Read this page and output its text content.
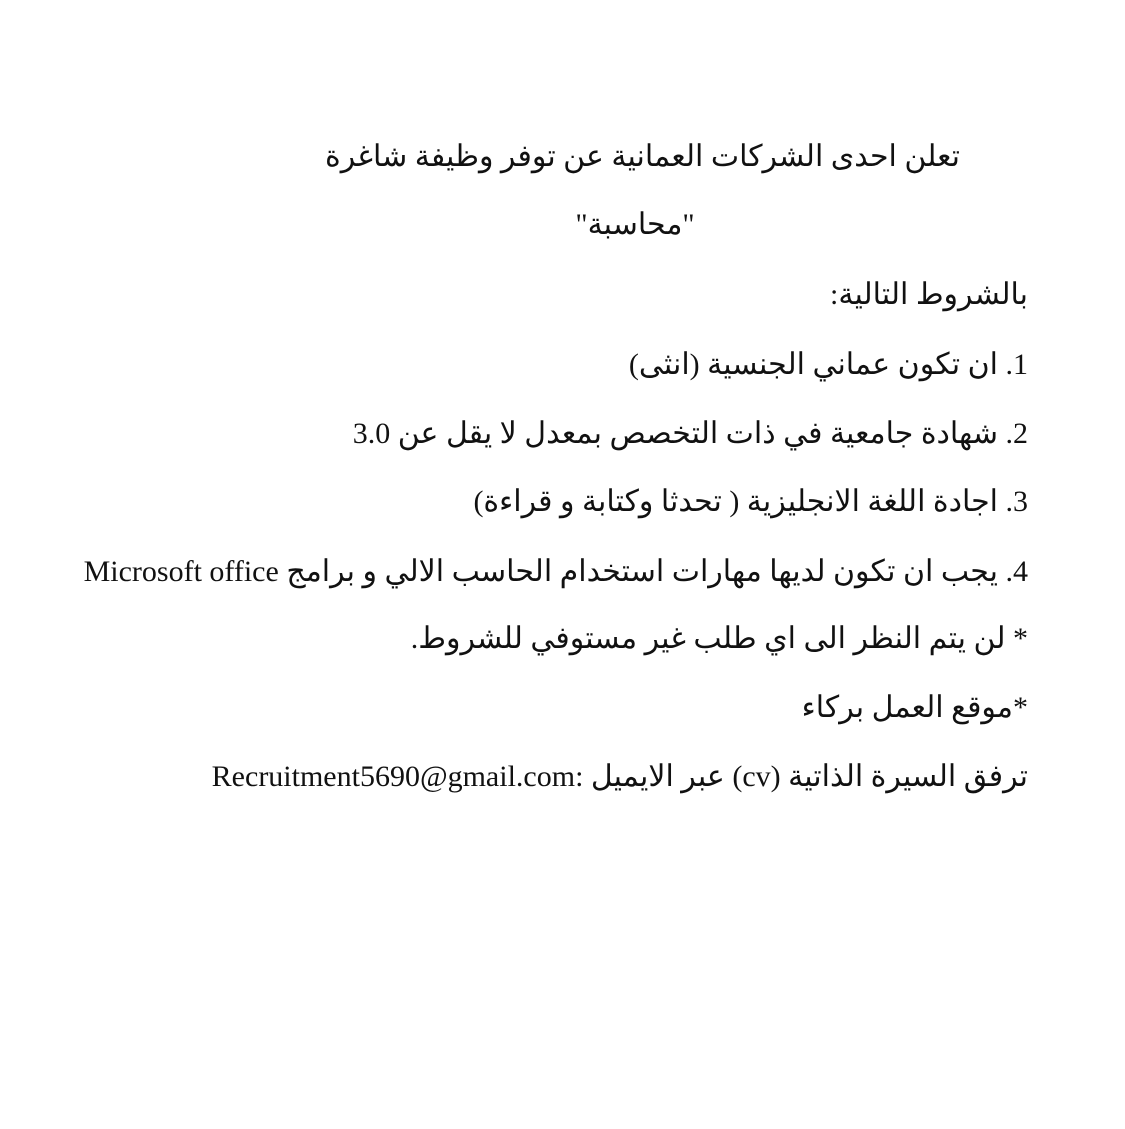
تعلن احدى الشركات العمانية عن توفر وظيفة شاغرة
"محاسبة"
بالشروط التالية:
1. ان تكون عماني الجنسية (انثى)
2. شهادة جامعية في ذات التخصص بمعدل لا يقل عن 3.0
3. اجادة اللغة الانجليزية ( تحدثا وكتابة و قراءة)
4. يجب ان تكون لديها مهارات استخدام الحاسب الالي و برامج Microsoft office
* لن يتم النظر الى اي طلب غير مستوفي للشروط.
*موقع العمل بركاء
ترفق السيرة الذاتية (cv) عبر الايميل :Recruitment5690@gmail.com
